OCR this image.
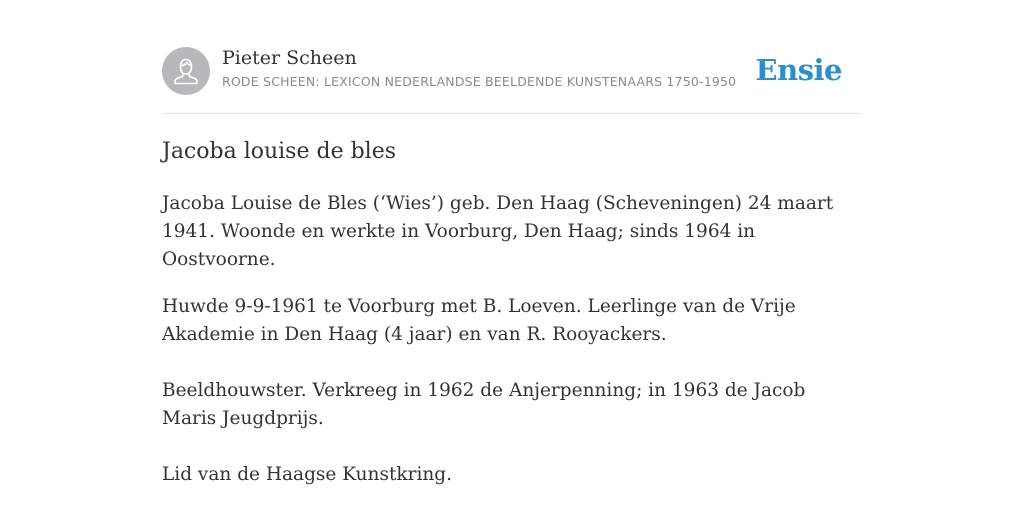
Pieter Scheen
RODE SCHEEN: LEXICON NEDERLANDSE BEELDENDE KUNSTENAARS 1750-1950 Ensie
Jacoba louise de bles

Jacoba Louise de Bles (‘Wies’) geb. Den Haag (Scheveningen) 24 maart 1941. Woonde en werkte in Voorburg, Den Haag; sinds 1964 in Oostvoorne.

Huwde 9-9-1961 te Voorburg met B. Loeven. Leerlinge van de Vrije Akademie in Den Haag (4 jaar) en van R. Rooyackers.

Beeldhouwster. Verkreeg in 1962 de Anjerpenning; in 1963 de Jacob Maris Jeugdprijs.

Lid van de Haagse Kunstkring.
